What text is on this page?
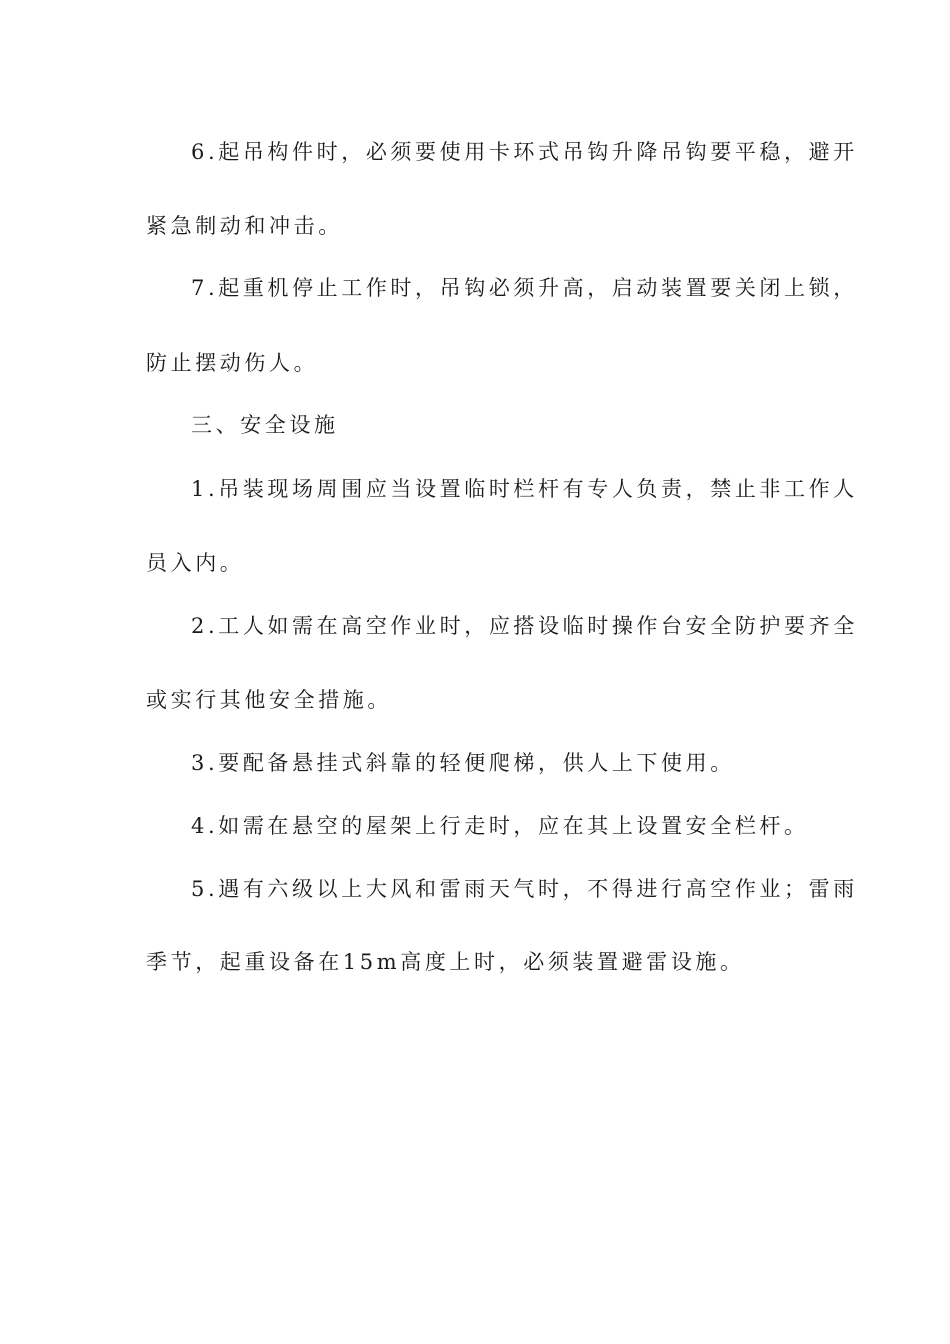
6.起吊构件时，必须要使用卡环式吊钩升降吊钩要平稳，避开
紧急制动和冲击。
7.起重机停止工作时，吊钩必须升高，启动装置要关闭上锁，
防止摆动伤人。
三、安全设施
1.吊装现场周围应当设置临时栏杆有专人负责，禁止非工作人
员入内。
2.工人如需在高空作业时，应搭设临时操作台安全防护要齐全
或实行其他安全措施。
3.要配备悬挂式斜靠的轻便爬梯，供人上下使用。
4.如需在悬空的屋架上行走时，应在其上设置安全栏杆。
5.遇有六级以上大风和雷雨天气时，不得进行高空作业；雷雨
季节，起重设备在15m高度上时，必须装置避雷设施。
